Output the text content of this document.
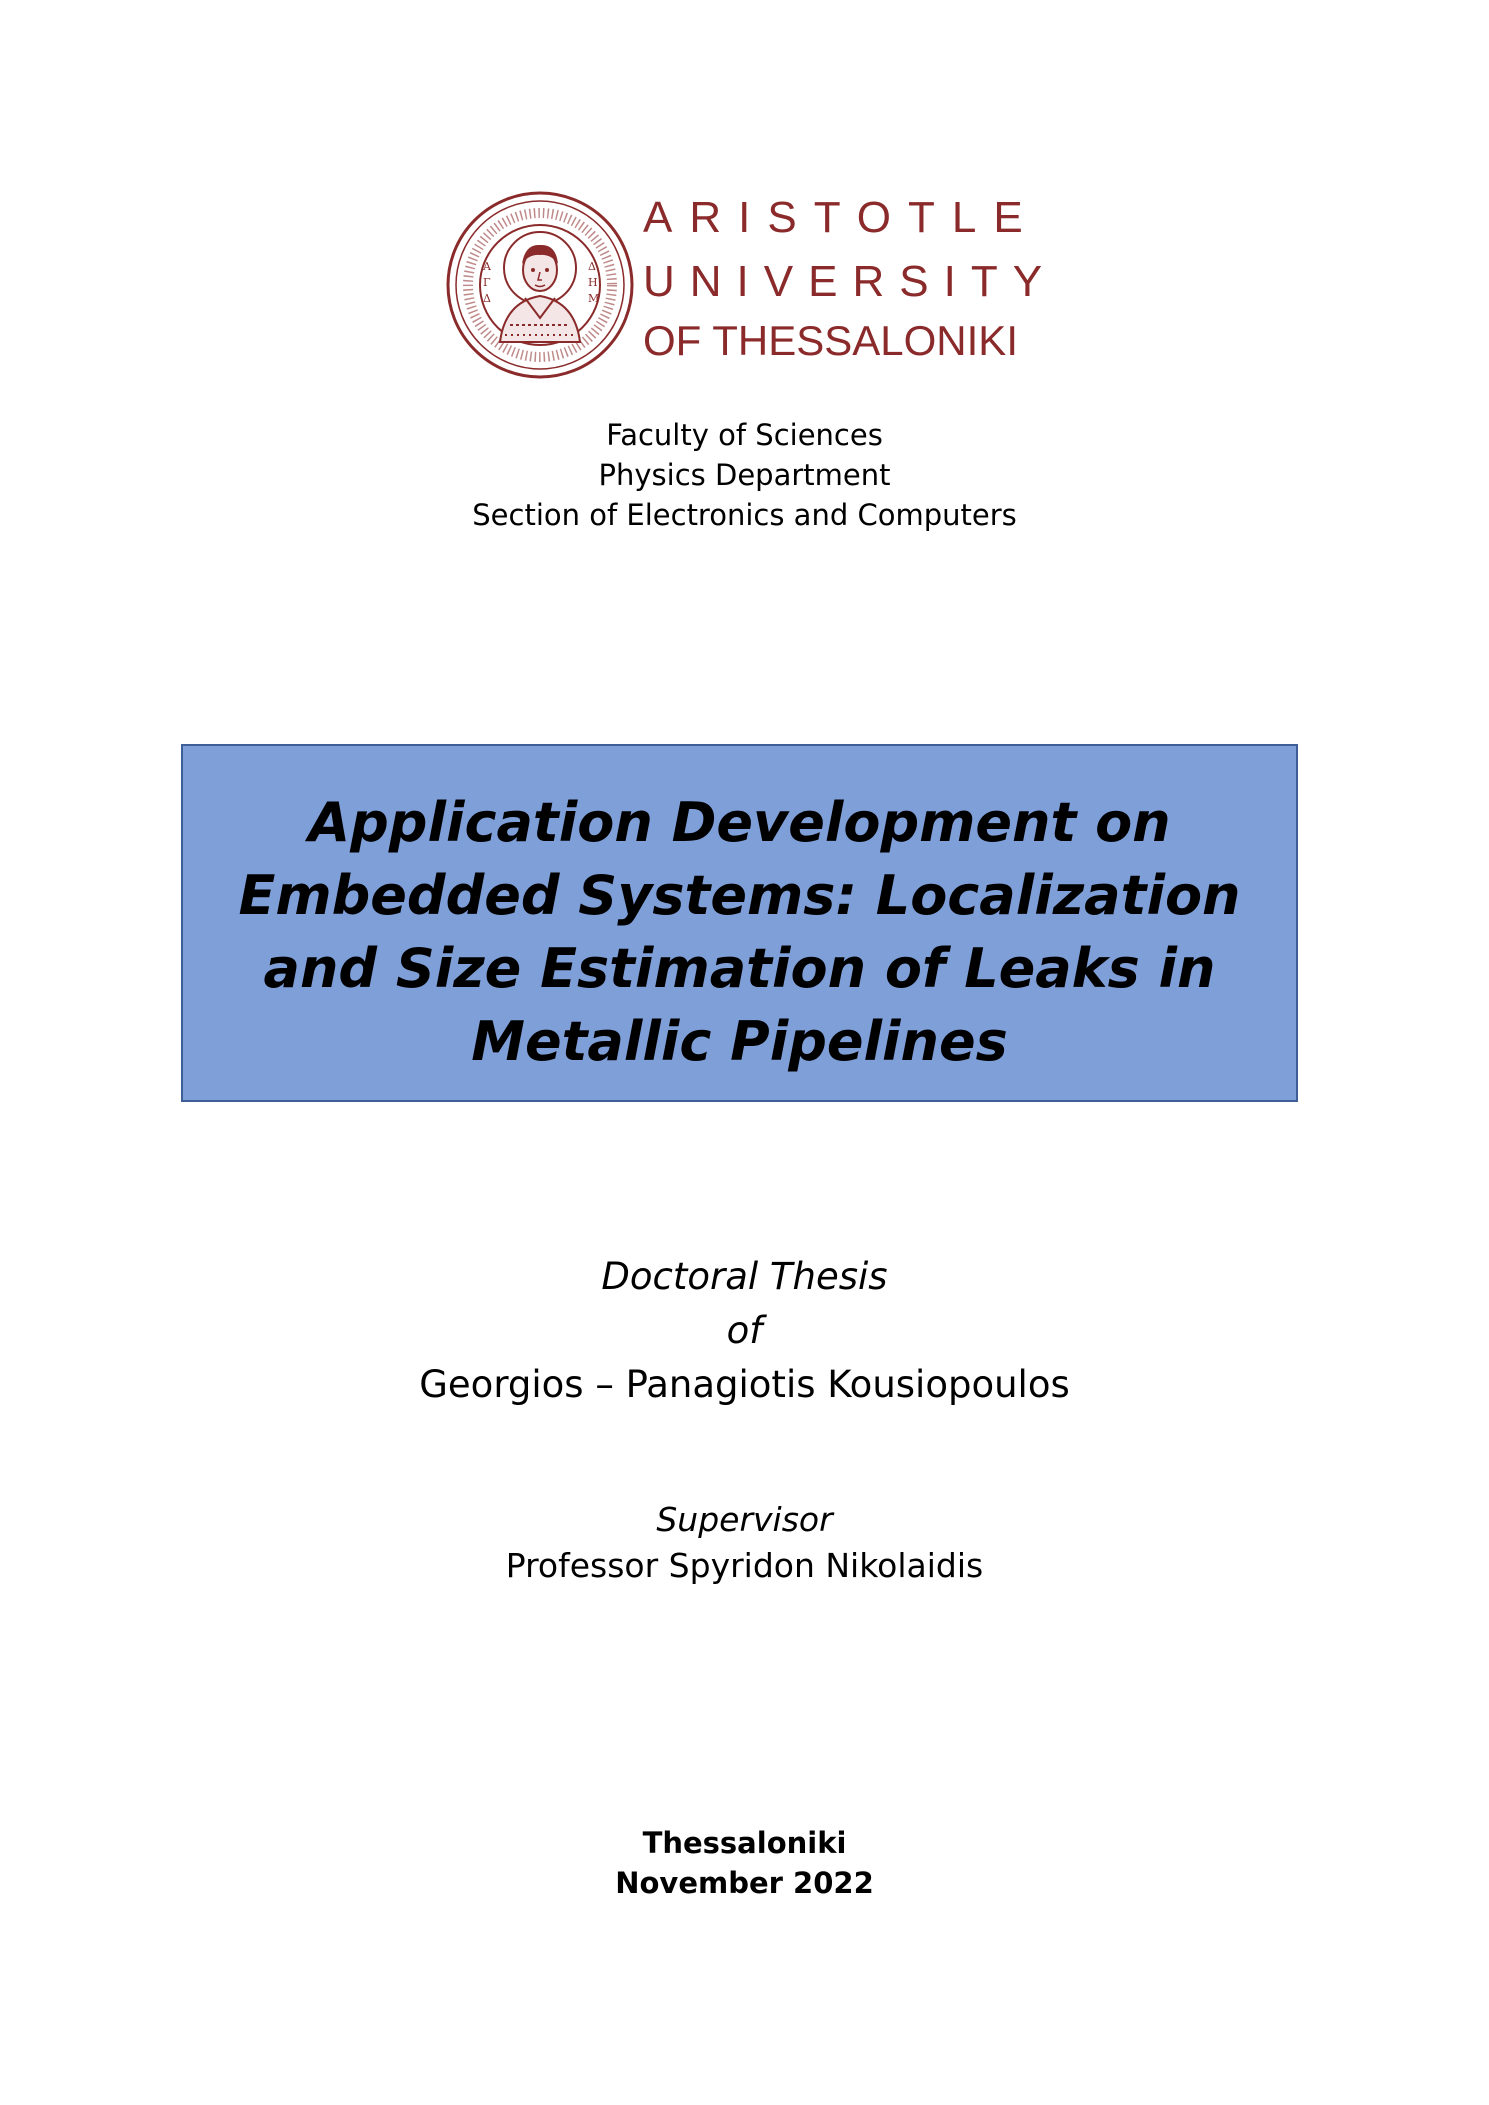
Α
Γ
Δ
Δ
Η
Μ
ARISTOTLE
UNIVERSITY
OF THESSALONIKI
Faculty of Sciences
Physics Department
Section of Electronics and Computers
Application Development on
Embedded Systems: Localization
and Size Estimation of Leaks in
Metallic Pipelines
Doctoral Thesis
of
Georgios – Panagiotis Kousiopoulos
Supervisor
Professor Spyridon Nikolaidis
Thessaloniki
November 2022
